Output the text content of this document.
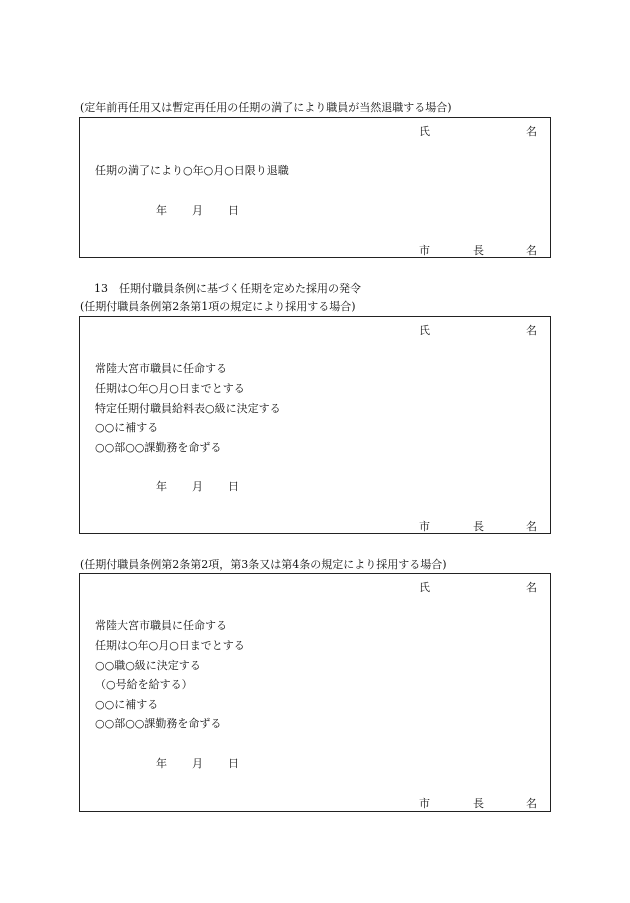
(定年前再任用又は暫定再任用の任期の満了により職員が当然退職する場合)
氏	名
任期の満了により○年○月○日限り退職
年 月 日
市	長	名
13　任期付職員条例に基づく任期を定めた採用の発令
(任期付職員条例第2条第1項の規定により採用する場合)
氏	名
常陸大宮市職員に任命する
任期は○年○月○日までとする
特定任期付職員給料表○級に決定する
○○に補する
○○部○○課勤務を命ずる
年 月 日
市	長	名
(任期付職員条例第2条第2項，第3条又は第4条の規定により採用する場合)
氏	名
常陸大宮市職員に任命する
任期は○年○月○日までとする
○○職○級に決定する
（○号給を給する）
○○に補する
○○部○○課勤務を命ずる
年 月 日
市	長	名
